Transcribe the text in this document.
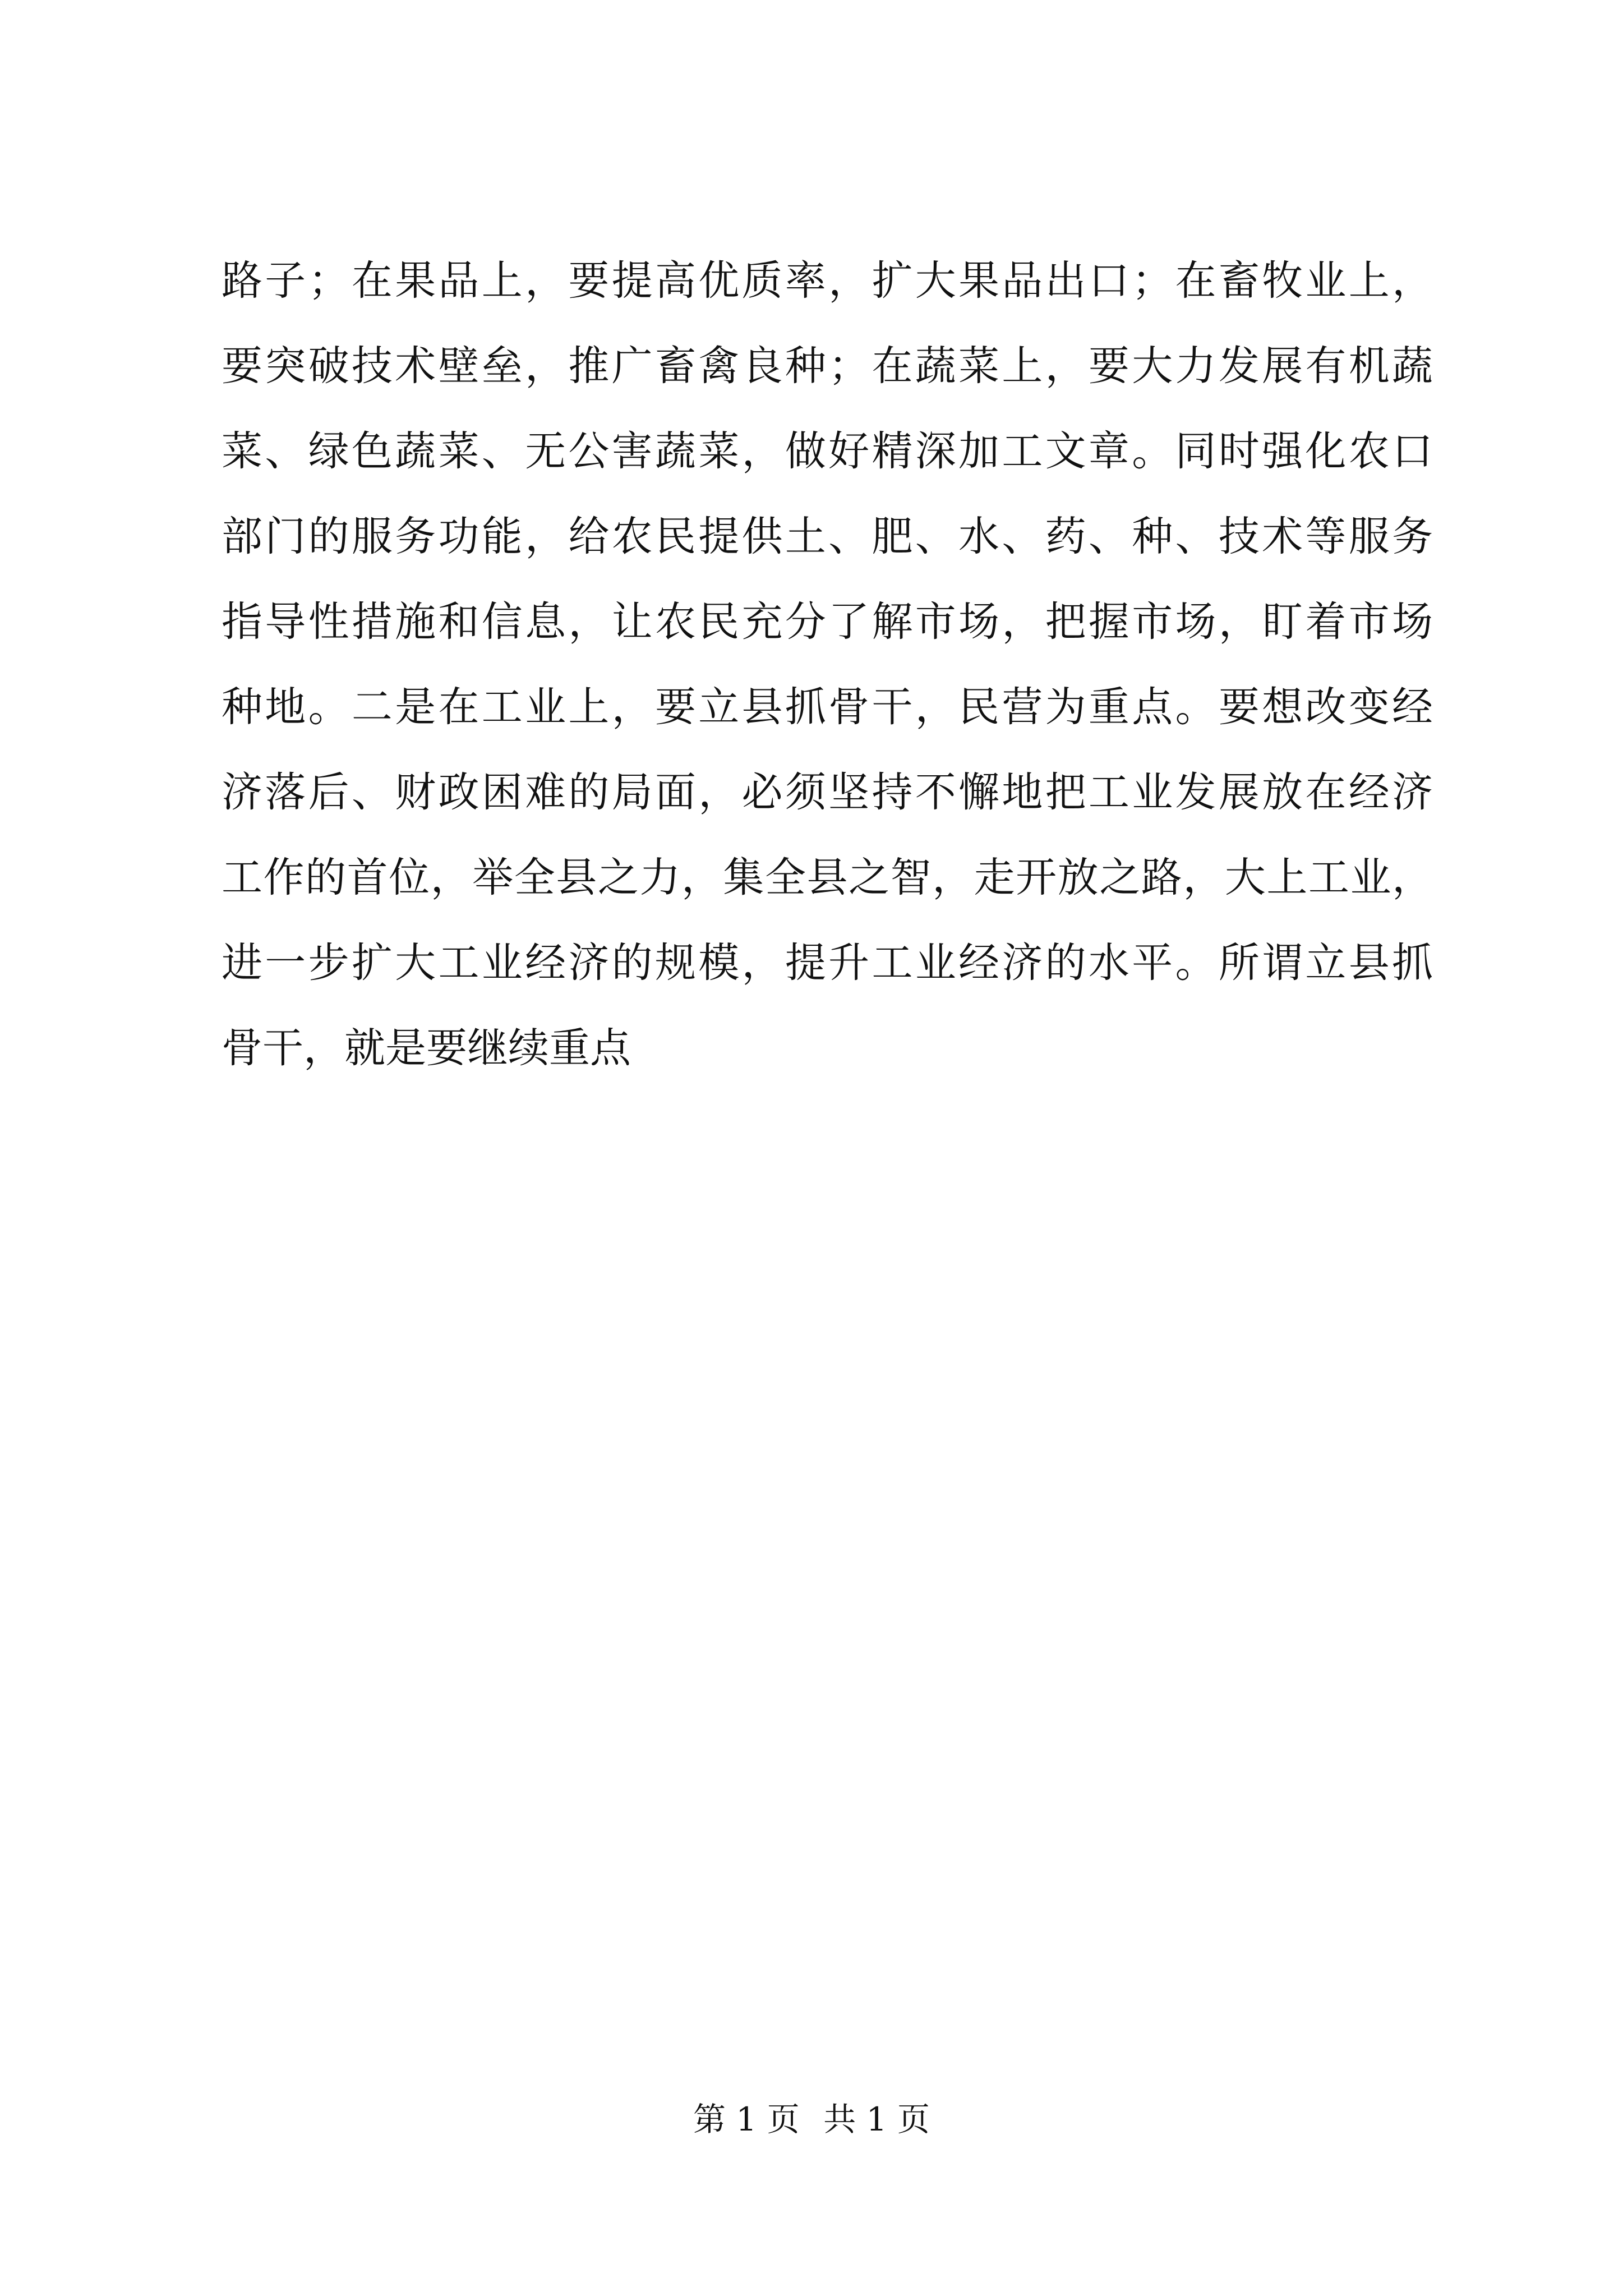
路子；在果品上，要提高优质率，扩大果品出口；在畜牧业上，
要突破技术壁垒，推广畜禽良种；在蔬菜上，要大力发展有机蔬
菜、绿色蔬菜、无公害蔬菜，做好精深加工文章。同时强化农口
部门的服务功能，给农民提供土、肥、水、药、种、技术等服务
指导性措施和信息，让农民充分了解市场，把握市场，盯着市场
种地。二是在工业上，要立县抓骨干，民营为重点。要想改变经
济落后、财政困难的局面，必须坚持不懈地把工业发展放在经济
工作的首位，举全县之力，集全县之智，走开放之路，大上工业，
进一步扩大工业经济的规模，提升工业经济的水平。所谓立县抓
骨干，就是要继续重点
第 1 页 共 1 页
